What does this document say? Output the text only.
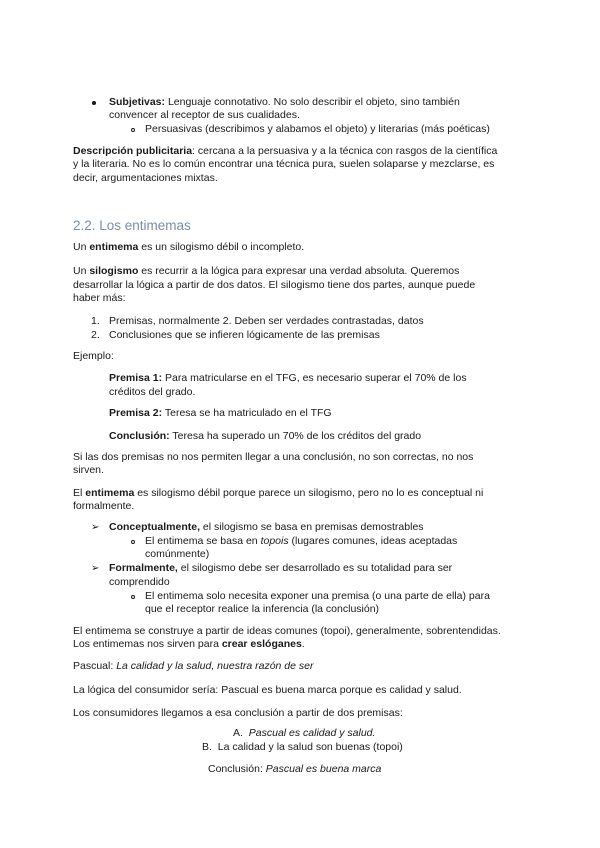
Subjetivas: Lenguaje connotativo. No solo describir el objeto, sino también
convencer al receptor de sus cualidades.
Persuasivas (describimos y alabamos el objeto) y literarias (más poéticas)
Descripción publicitaria: cercana a la persuasiva y a la técnica con rasgos de la científica
y la literaria. No es lo común encontrar una técnica pura, suelen solaparse y mezclarse, es
decir, argumentaciones mixtas.
2.2. Los entimemas
Un entimema es un silogismo débil o incompleto.
Un silogismo es recurrir a la lógica para expresar una verdad absoluta. Queremos
desarrollar la lógica a partir de dos datos. El silogismo tiene dos partes, aunque puede
haber más:
1. Premisas, normalmente 2. Deben ser verdades contrastadas, datos
2. Conclusiones que se infieren lógicamente de las premisas
Ejemplo:
Premisa 1: Para matricularse en el TFG, es necesario superar el 70% de los
créditos del grado.
Premisa 2: Teresa se ha matriculado en el TFG
Conclusión: Teresa ha superado un 70% de los créditos del grado
Si las dos premisas no nos permiten llegar a una conclusión, no son correctas, no nos
sirven.
El entimema es silogismo débil porque parece un silogismo, pero no lo es conceptual ni
formalmente.
➢ Conceptualmente, el silogismo se basa en premisas demostrables
El entimema se basa en topois (lugares comunes, ideas aceptadas
comúnmente)
➢ Formalmente, el silogismo debe ser desarrollado es su totalidad para ser
comprendido
El entimema solo necesita exponer una premisa (o una parte de ella) para
que el receptor realice la inferencia (la conclusión)
El entimema se construye a partir de ideas comunes (topoi), generalmente, sobrentendidas.
Los entimemas nos sirven para crear eslóganes.
Pascual: La calidad y la salud, nuestra razón de ser
La lógica del consumidor sería: Pascual es buena marca porque es calidad y salud.
Los consumidores llegamos a esa conclusión a partir de dos premisas:
A. Pascual es calidad y salud.
B. La calidad y la salud son buenas (topoi)
Conclusión: Pascual es buena marca
